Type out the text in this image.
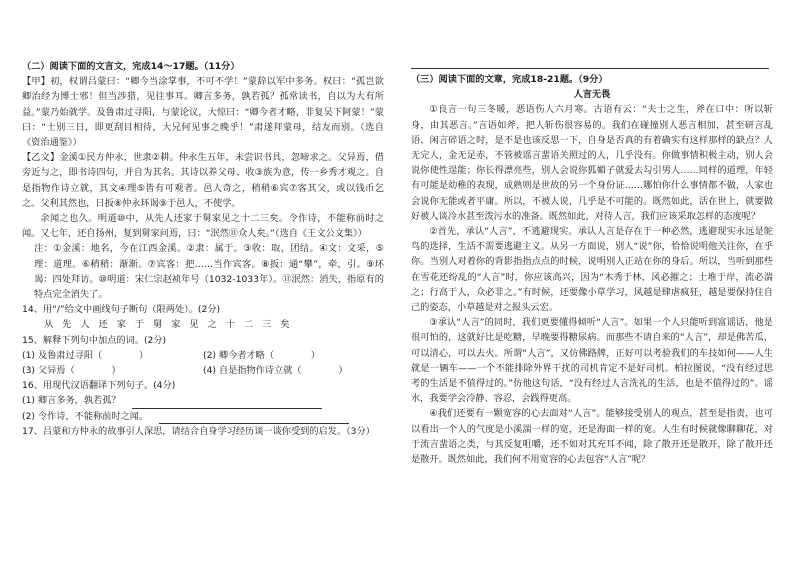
（二）阅读下面的文言文，完成14～17题。（11分）
【甲】初，权谓吕蒙曰：“卿今当涂掌事，不可不学！”蒙辞以军中多务。权曰：“孤岂欲卿治经为博士邪！但当涉猎，见往事耳。卿言多务，孰若孤？孤常读书，自以为大有所益。”蒙乃始就学。及鲁肃过寻阳，与蒙论议，大惊曰：“卿今者才略，非复吴下阿蒙！”蒙曰：“士别三日，即更刮目相待，大兄何见事之晚乎！”肃遂拜蒙母，结友而别。（选自《资治通鉴》）
【乙文】金溪①民方仲永，世隶②耕。仲永生五年，未尝识书具，忽啼求之。父异焉，借旁近与之，即书诗四句，并自为其名。其诗以养父母、收③族为意，传一乡秀才观之。自是指物作诗立就，其文④理⑤皆有可观者。邑人奇之，稍稍⑥宾⑦客其父，或以钱币乞之。父利其然也，日扳⑧仲永环谒⑨于邑人，不使学。
余闻之也久。明道⑩中，从先人还家于舅家见之十二三矣。令作诗，不能称前时之闻。又七年，还自扬州，复到舅家问焉，曰：“泯然⑪众人矣。”（选自《王文公文集》）
注：①金溪：地名，今在江西金溪。②隶：属于。③收：取，团结。④文：文采，⑤理：道理。⑥稍稍：渐渐。⑦宾客：把……当作宾客。⑧扳：通“攀”，牵，引。⑨环谒：四处拜访。⑩明道：宋仁宗赵祯年号（1032-1033年）。⑪泯然：消失，指原有的特点完全消失了。
14、用“/”给文中画线句子断句（限两处）。(2分)
从先人还家于舅家见之十二三矣
15、解释下列句中加点的词。(2分)
(1) 及鲁肃过寻阳（　　　　）	(2) 卿今者才略（　　　　）
(3) 父异焉（　　　　）	(4) 自是指物作诗立就（　　　　）
16、用现代汉语翻译下列句子。(4分)
(1) 卿言多务，孰若孤？
(2) 令作诗，不能称前时之闻。
17、吕蒙和方仲永的故事引人深思，请结合自身学习经历谈一谈你受到的启发。（3分）
（三）阅读下面的文章，完成18-21题。（9分）
人言无畏
①良言一句三冬暖，恶语伤人六月寒。古语有云：“夫士之生，斧在口中：所以斩身，由其恶言。”言语如斧，把人斩伤很容易的。我们在碰撞别人恶言相加，甚至研言乱语、闲言碎语之时，是不是也该反思一下，自身是否真的有着确实有这样那样的缺点？人无完人，金无足赤，不管被谣言蜚语关照过的人，几乎没有。你做事情积极主动，别人会说你使性逞能；你长得漂亮些，别人会说你狐媚子就爱去勾引男人……同样的道理，年轻有可能是幼稚的表现，成熟则是世故的另一个身份证……哪怕你什么事情都不做，人家也会说你无能或者平庸。所以，不被人说，几乎是不可能的。既然如此，活在世上，就要做好被人谈冷水甚至泼污水的准备。既然如此，对待人言，我们应该采取怎样的态度呢？
②首先，承认“人言”，不逃避现实。承认人言是存在于一种必然，逃避现实永远是鸵鸟的选择，生活不需要逃避主义。从另一方面说，别人“说”你，恰恰说明他关注你，在乎你。当别人对着你的背影指指点点的时候，说明别人正站在你的身后。所以，当听到那些在雪花还纷乱的“人言”时，你应该高兴，因为“木秀于林，风必摧之；土堆于岸，流必湍之；行高于人，众必非之。”有时候，还要像小草学习，风越是肆虐疯狂，越是要保持住自己的姿态，小草越是对之报头云宏。
③承认“人言”的同时，我们更要懂得倾听“人言”。如果一个人只能听到富谣话，他是很可怕的，这就好比是吃糖，早晚要得糖尿病。而那些不请自来的“人言”，却是佛苦瓜，可以清心，可以去火。所谓“人言”，又仿佛路牌，正好可以考验我们的车技如何——人生就是一辆车——一个不能排除外界干扰的司机肯定不是好司机。柏拉图说，“没有经过思考的生活是不值得过的。”仿他这句话，“没有经过人言洗礼的生活，也是不值得过的”。谣水，我要学会冷静、容忍，会践得更高。
④我们还要有一颗宽容的心去面对“人言”。能够接受别人的观点，甚至是指责，也可以看出一个人的气度是小溪湍一样的宽，还是海面一样的宽。人生有时候就像聊聊花，对于流言蜚语之类，与其反复咀嚼，还不如对其充耳不闻，除了散开还是散开，除了散开还是散开。既然如此，我们何不用宽容的心去包容“人言”呢？
